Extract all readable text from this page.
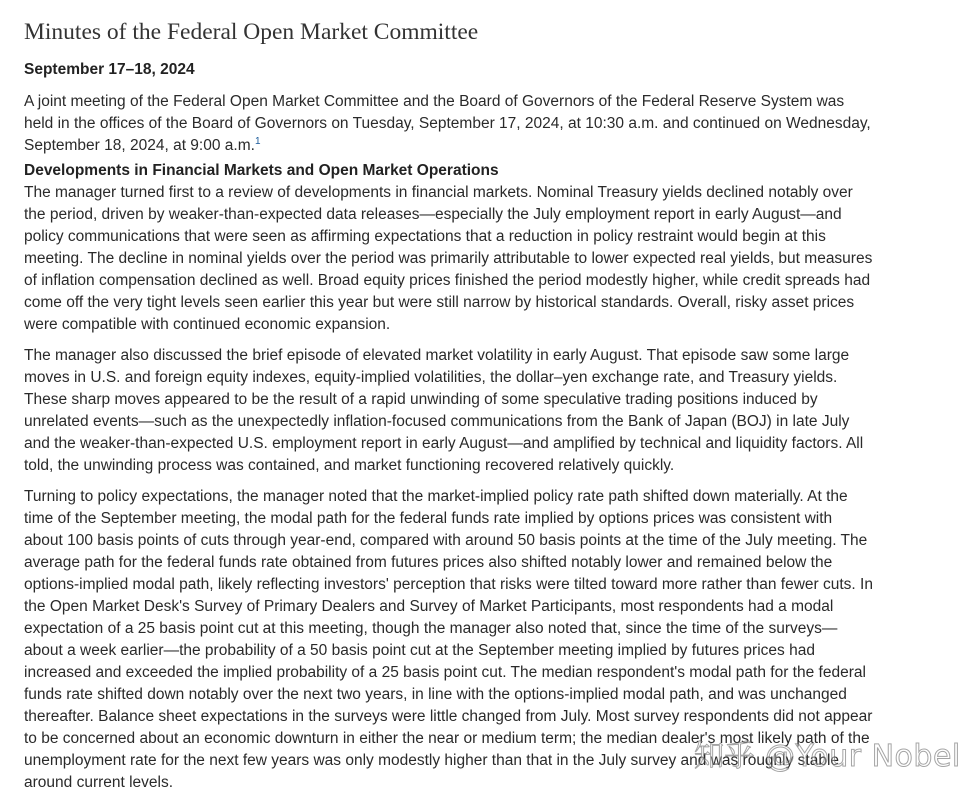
Minutes of the Federal Open Market Committee
September 17–18, 2024

A joint meeting of the Federal Open Market Committee and the Board of Governors of the Federal Reserve System was held in the offices of the Board of Governors on Tuesday, September 17, 2024, at 10:30 a.m. and continued on Wednesday, September 18, 2024, at 9:00 a.m.$^1$

Developments in Financial Markets and Open Market Operations

The manager turned first to a review of developments in financial markets. Nominal Treasury yields declined notably over the period, driven by weaker-than-expected data releases—especially the July employment report in early August—and policy communications that were seen as affirming expectations that a reduction in policy restraint would begin at this meeting. The decline in nominal yields over the period was primarily attributable to lower expected real yields, but measures of inflation compensation declined as well. Broad equity prices finished the period modestly higher, while credit spreads had come off the very tight levels seen earlier this year but were still narrow by historical standards. Overall, risky asset prices were compatible with continued economic expansion.

The manager also discussed the brief episode of elevated market volatility in early August. That episode saw some large moves in U.S. and foreign equity indexes, equity-implied volatilities, the dollar–yen exchange rate, and Treasury yields. These sharp moves appeared to be the result of a rapid unwinding of some speculative trading positions induced by unrelated events—such as the unexpectedly inflation-focused communications from the Bank of Japan (BOJ) in late July and the weaker-than-expected U.S. employment report in early August—and amplified by technical and liquidity factors. All told, the unwinding process was contained, and market functioning recovered relatively quickly.

Turning to policy expectations, the manager noted that the market-implied policy rate path shifted down materially. At the time of the September meeting, the modal path for the federal funds rate implied by options prices was consistent with about 100 basis points of cuts through year-end, compared with around 50 basis points at the time of the July meeting. The average path for the federal funds rate obtained from futures prices also shifted notably lower and remained below the options-implied modal path, likely reflecting investors' perception that risks were tilted toward more rather than fewer cuts. In the Open Market Desk's Survey of Primary Dealers and Survey of Market Participants, most respondents had a modal expectation of a 25 basis point cut at this meeting, though the manager also noted that, since the time of the surveys—about a week earlier—the probability of a 50 basis point cut at the September meeting implied by futures prices had increased and exceeded the implied probability of a 25 basis point cut. The median respondent's modal path for the federal funds rate shifted down notably over the next two years, in line with the options-implied modal path, and was unchanged thereafter. Balance sheet expectations in the surveys were little changed from July. Most survey respondents did not appear to be concerned about an economic downturn in either the near or medium term; the median dealer's most likely path of the unemployment rate for the next few years was only modestly higher than that in the July survey and was roughly stable around current levels.

知乎 @Your Nobel
